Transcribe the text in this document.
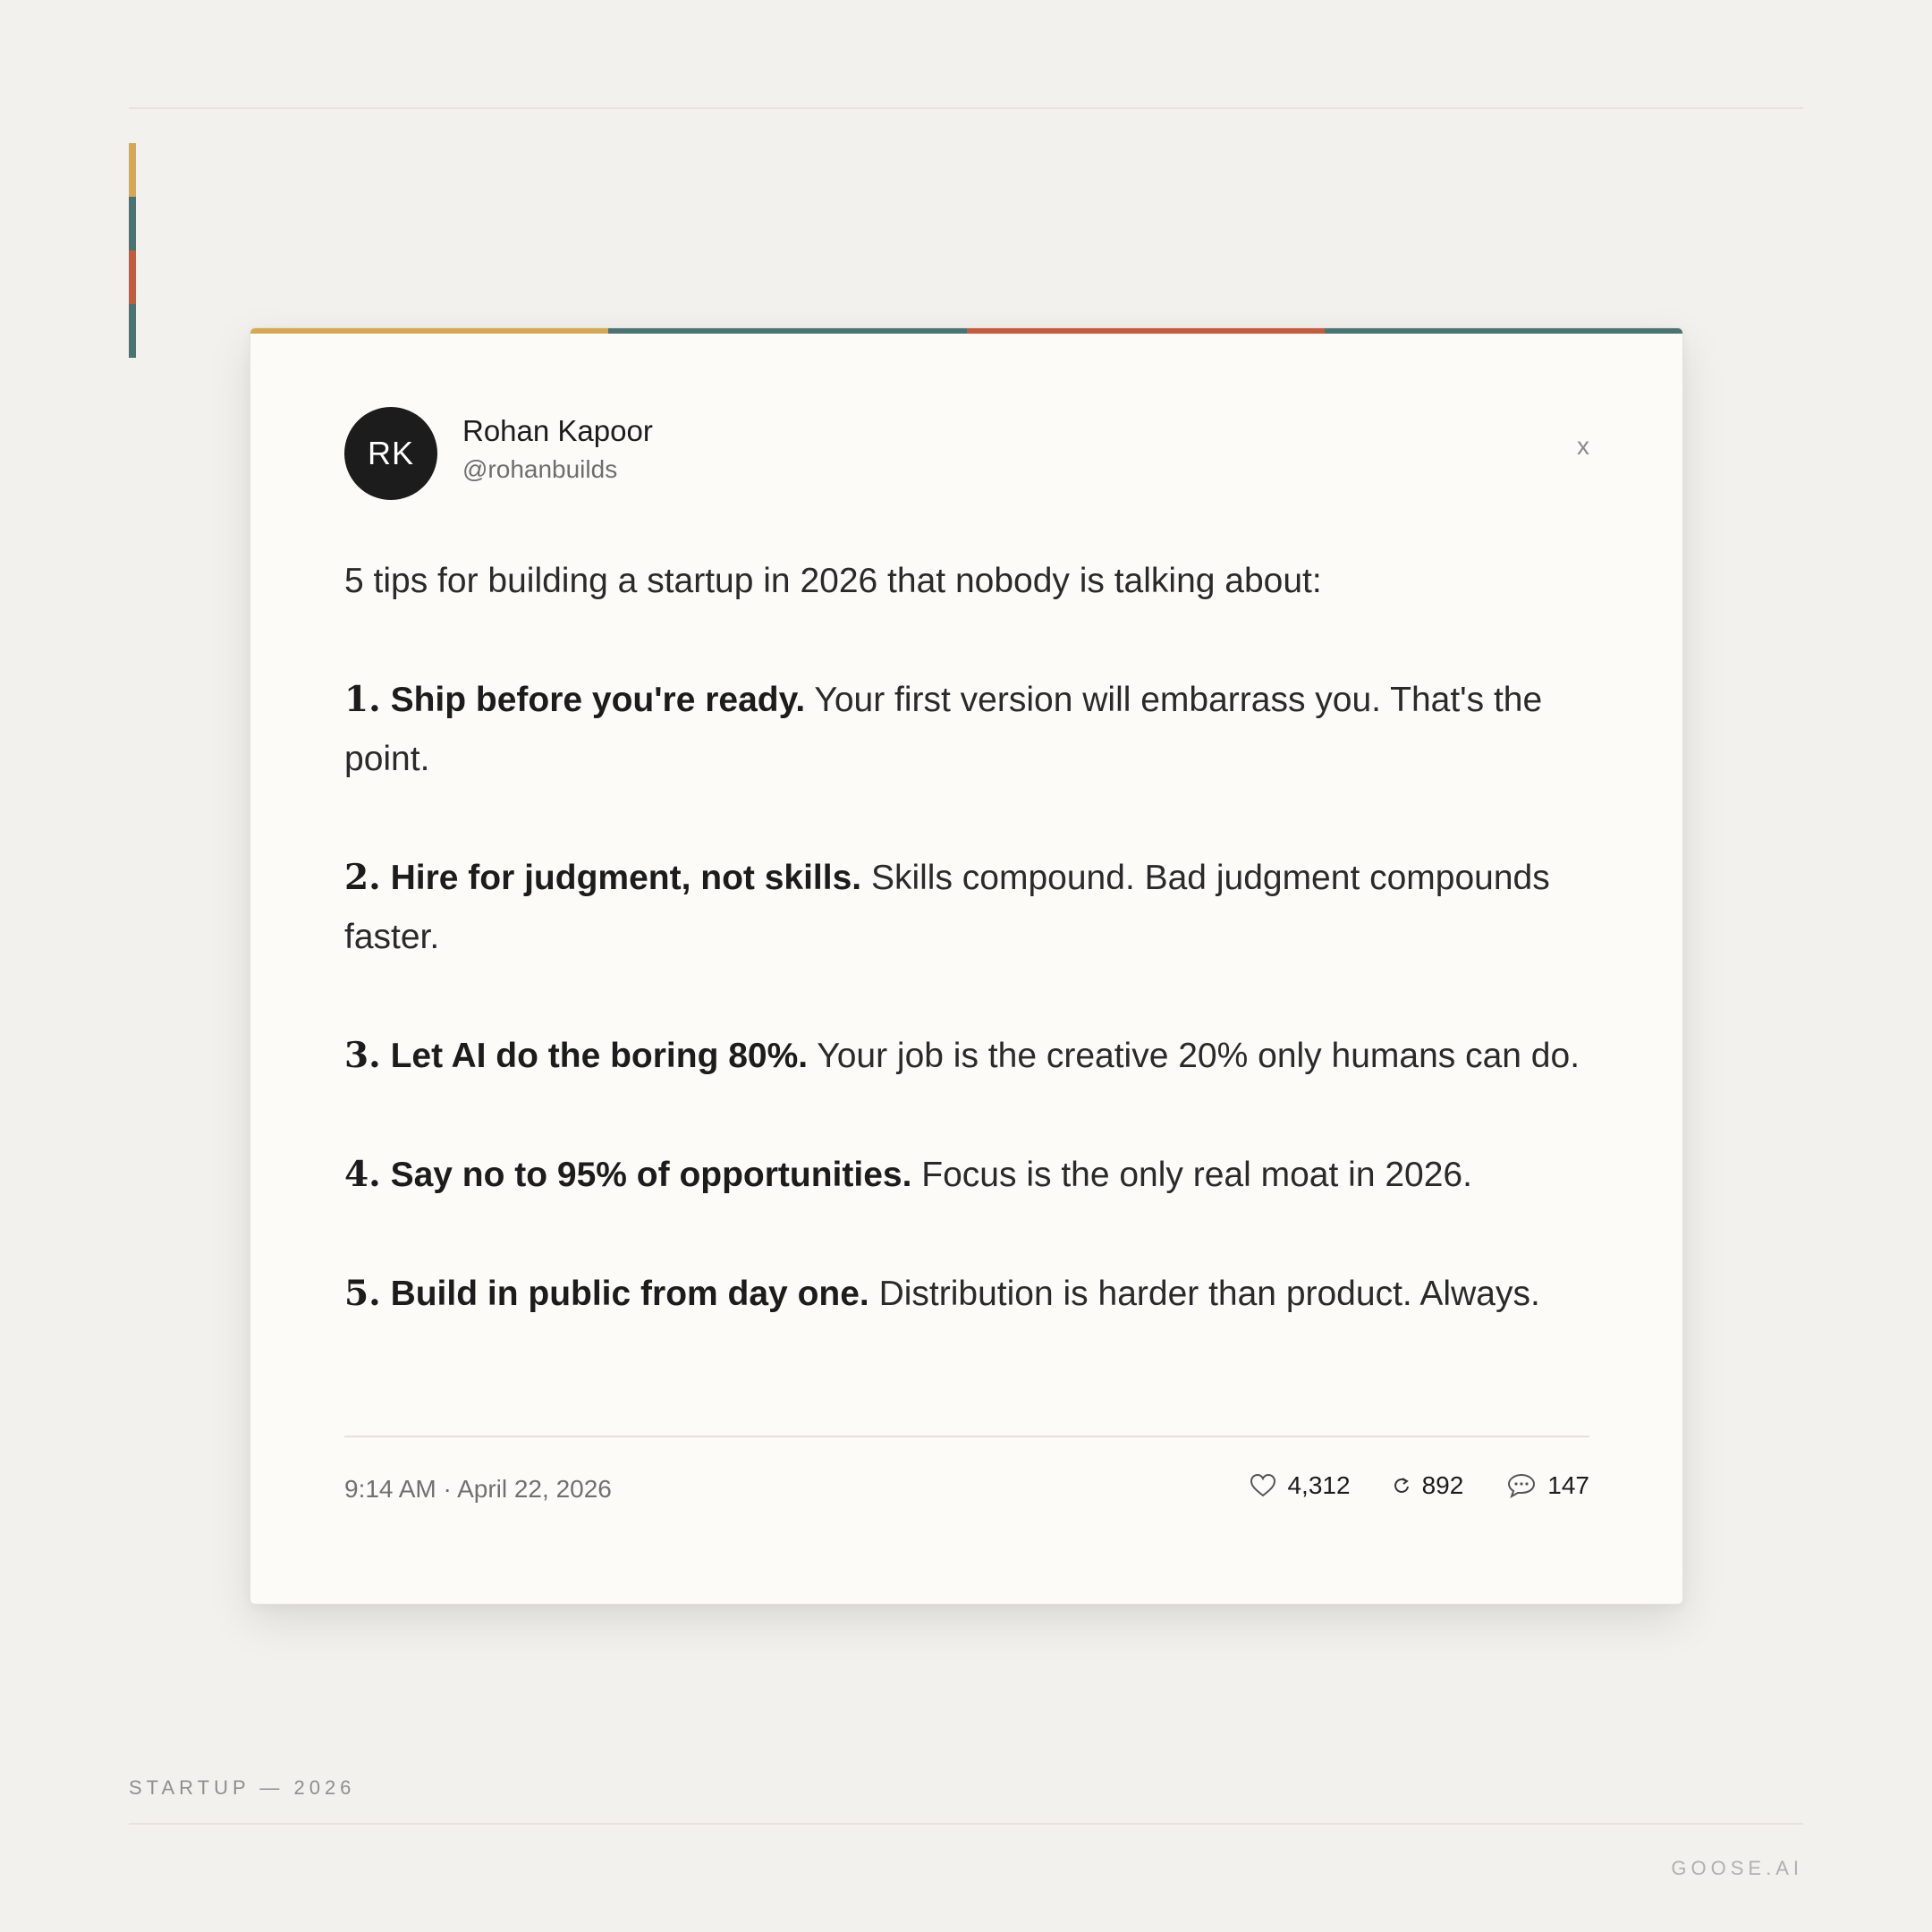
RK
Rohan Kapoor
@rohanbuilds
x
5 tips for building a startup in 2026 that nobody is talking about:
1. Ship before you're ready. Your first version will embarrass you. That's the point.
2. Hire for judgment, not skills. Skills compound. Bad judgment compounds faster.
3. Let AI do the boring 80%. Your job is the creative 20% only humans can do.
4. Say no to 95% of opportunities. Focus is the only real moat in 2026.
5. Build in public from day one. Distribution is harder than product. Always.
9:14 AM · April 22, 2026	4,312	892	147
STARTUP — 2026
GOOSE.AI
